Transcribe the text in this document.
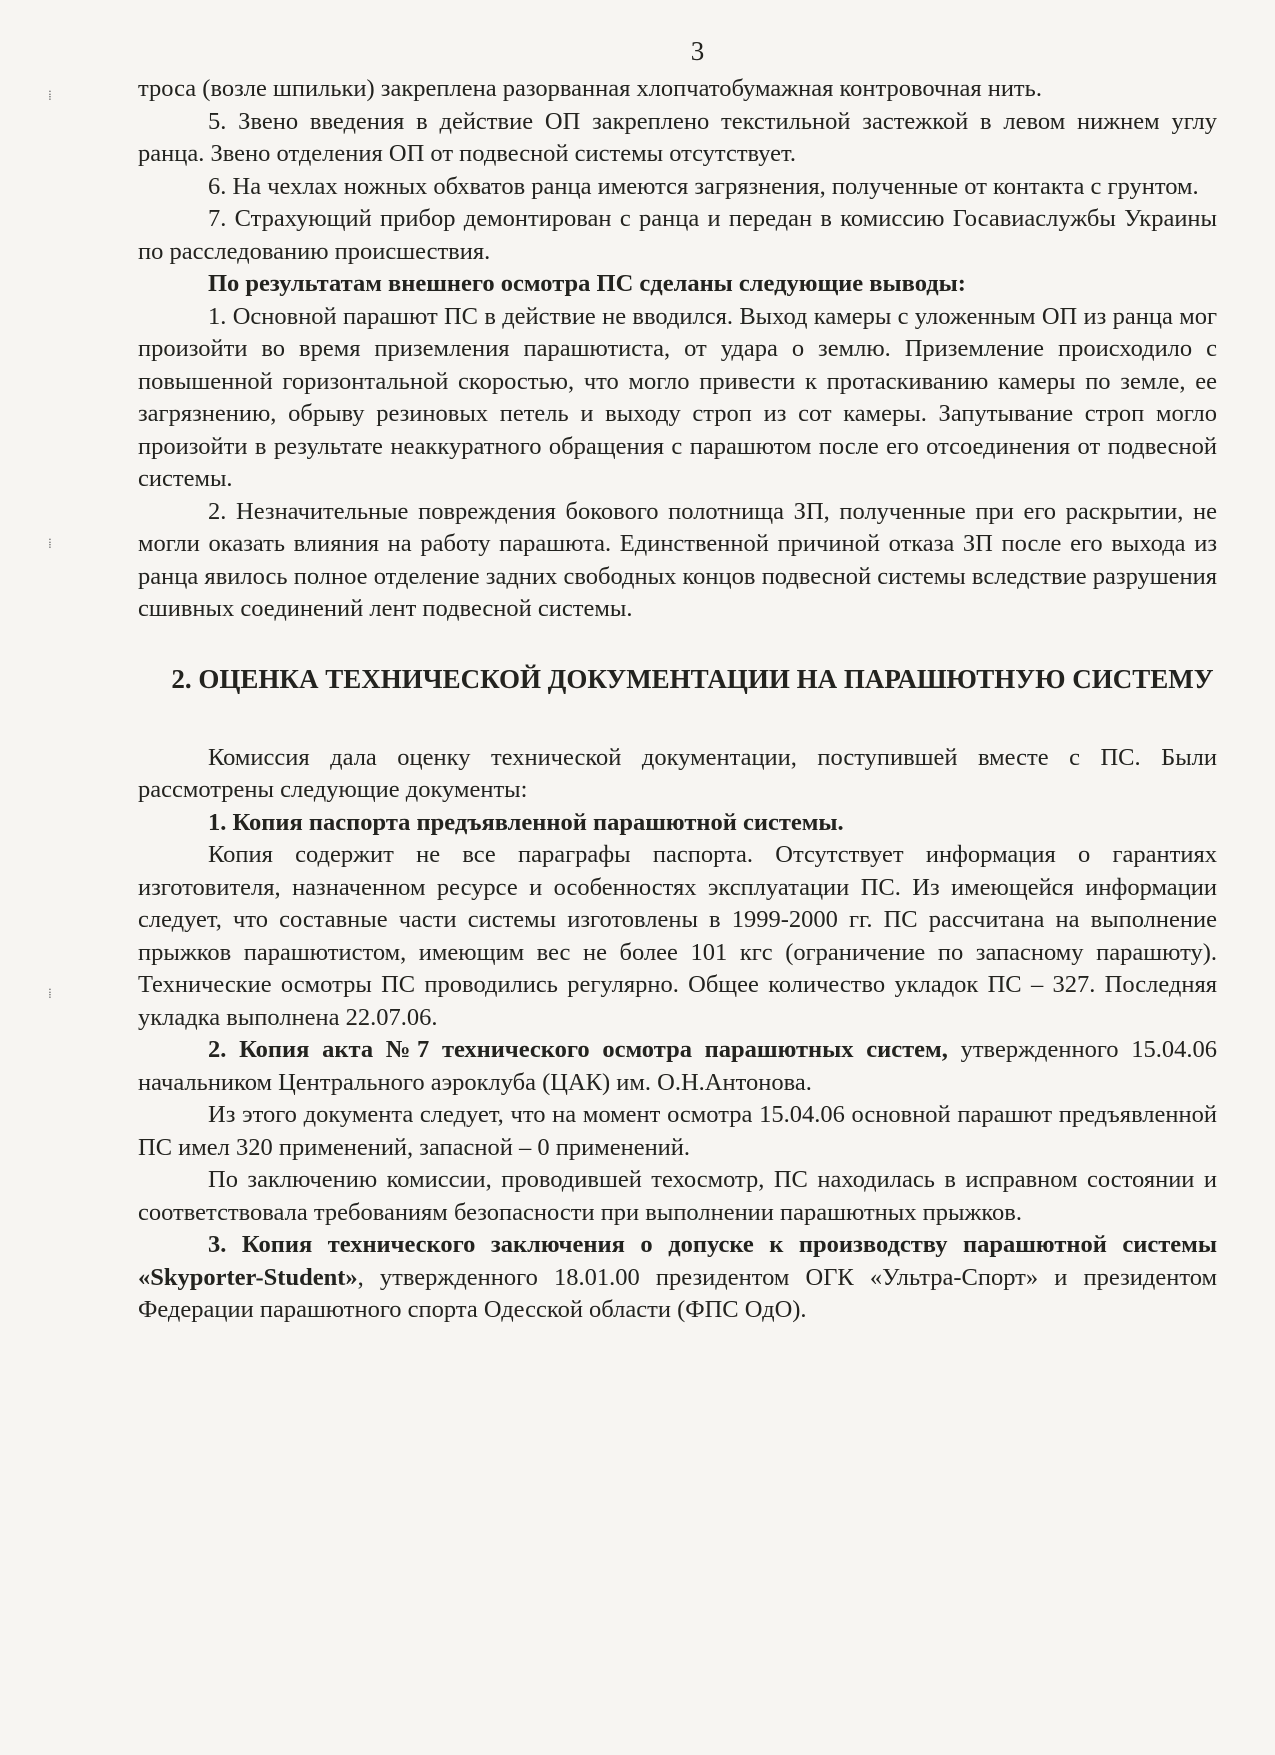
⁞
⁞
⁞
3

троса (возле шпильки) закреплена разорванная хлопчатобумажная контровочная нить.

5. Звено введения в действие ОП закреплено текстильной застежкой в левом нижнем углу ранца. Звено отделения ОП от подвесной системы отсутствует.

6. На чехлах ножных обхватов ранца имеются загрязнения, полученные от контакта с грунтом.

7. Страхующий прибор демонтирован с ранца и передан в комиссию Госавиаслужбы Украины по расследованию происшествия.

По результатам внешнего осмотра ПС сделаны следующие выводы:

1. Основной парашют ПС в действие не вводился. Выход камеры с уложенным ОП из ранца мог произойти во время приземления парашютиста, от удара о землю. Приземление происходило с повышенной горизонтальной скоростью, что могло привести к протаскиванию камеры по земле, ее загрязнению, обрыву резиновых петель и выходу строп из сот камеры. Запутывание строп могло произойти в результате неаккуратного обращения с парашютом после его отсоединения от подвесной системы.

2. Незначительные повреждения бокового полотнища ЗП, полученные при его раскрытии, не могли оказать влияния на работу парашюта. Единственной причиной отказа ЗП после его выхода из ранца явилось полное отделение задних свободных концов подвесной системы вследствие разрушения сшивных соединений лент подвесной системы.

2. ОЦЕНКА ТЕХНИЧЕСКОЙ ДОКУМЕНТАЦИИ НА ПАРАШЮТНУЮ СИСТЕМУ

Комиссия дала оценку технической документации, поступившей вместе с ПС. Были рассмотрены следующие документы:

1. Копия паспорта предъявленной парашютной системы.

Копия содержит не все параграфы паспорта. Отсутствует информация о гарантиях изготовителя, назначенном ресурсе и особенностях эксплуатации ПС. Из имеющейся информации следует, что составные части системы изготовлены в 1999-2000 гг. ПС рассчитана на выполнение прыжков парашютистом, имеющим вес не более 101 кгс (ограничение по запасному парашюту). Технические осмотры ПС проводились регулярно. Общее количество укладок ПС – 327. Последняя укладка выполнена 22.07.06.

2. Копия акта №7 технического осмотра парашютных систем, утвержденного 15.04.06 начальником Центрального аэроклуба (ЦАК) им. О.Н.Антонова.

Из этого документа следует, что на момент осмотра 15.04.06 основной парашют предъявленной ПС имел 320 применений, запасной – 0 применений.

По заключению комиссии, проводившей техосмотр, ПС находилась в исправном состоянии и соответствовала требованиям безопасности при выполнении парашютных прыжков.

3. Копия технического заключения о допуске к производству парашютной системы «Skyporter-Student», утвержденного 18.01.00 президентом ОГК «Ультра-Спорт» и президентом Федерации парашютного спорта Одесской области (ФПС ОдО).
